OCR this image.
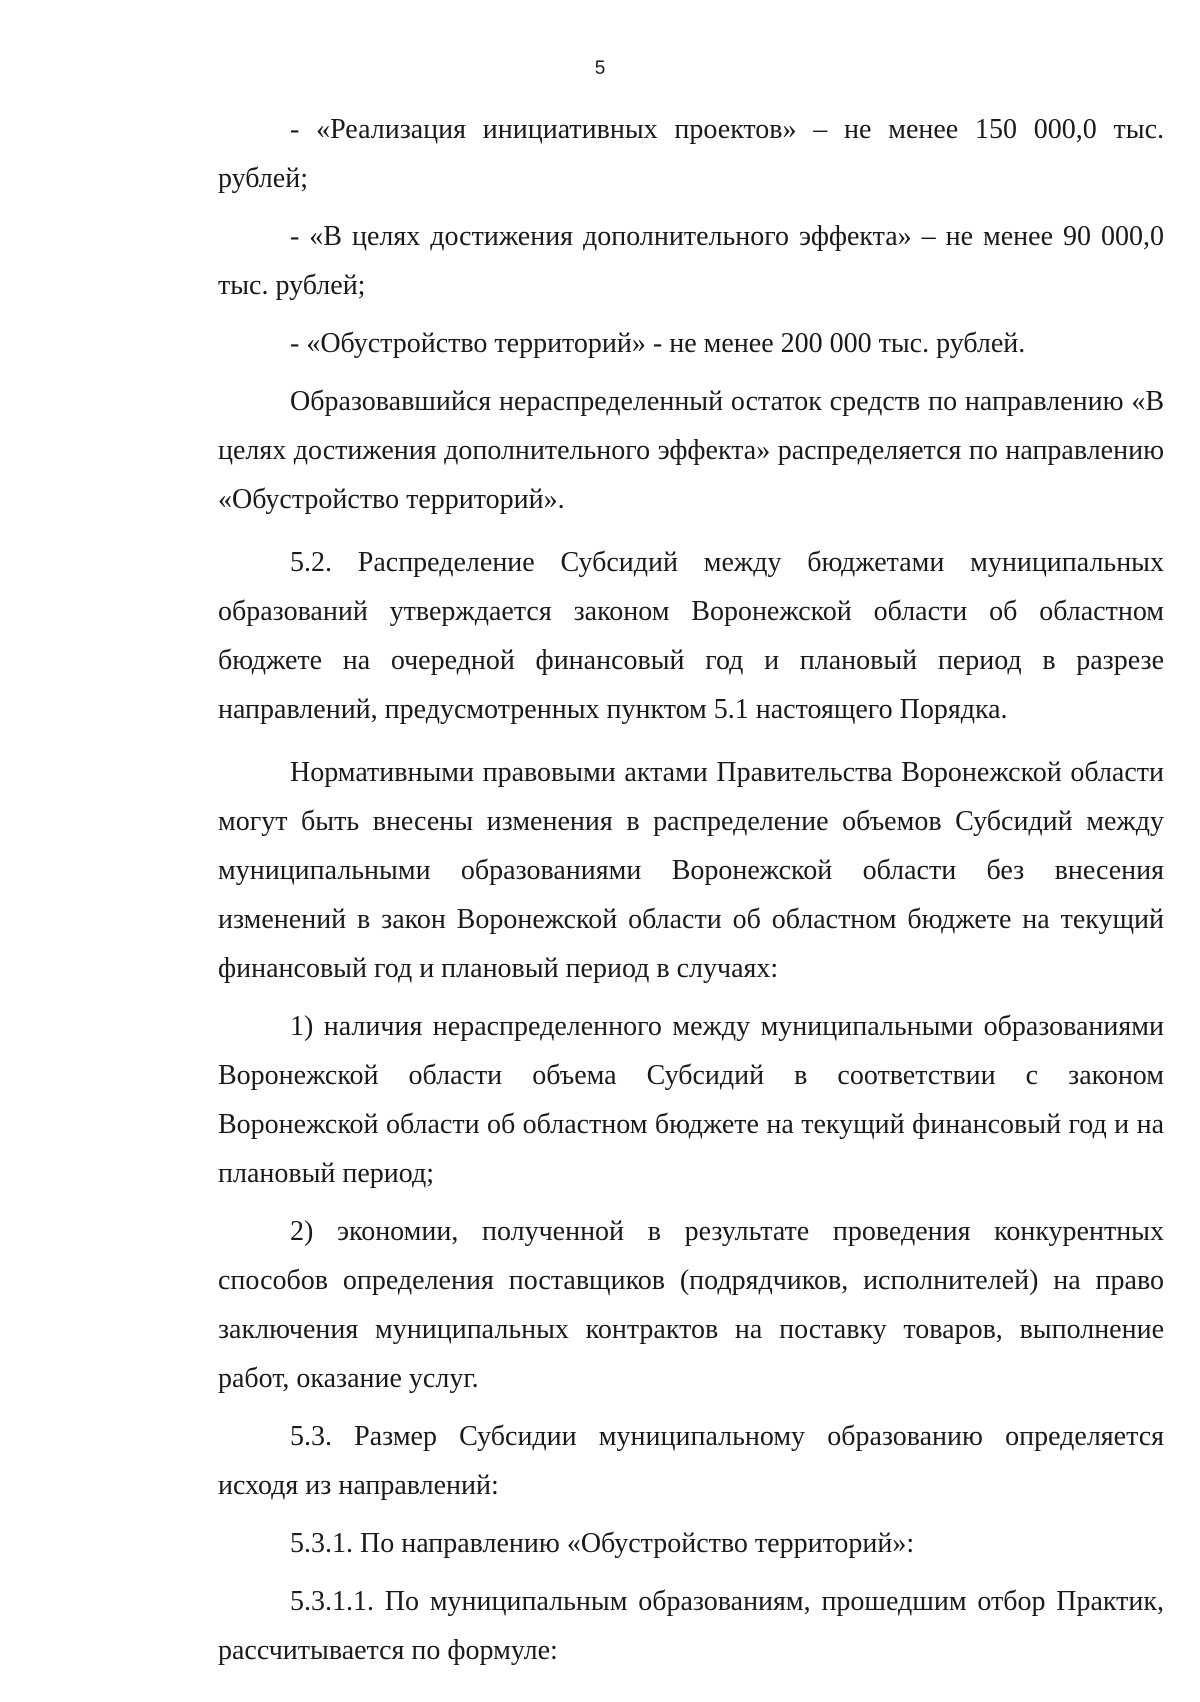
5

- «Реализация инициативных проектов» – не менее 150 000,0 тыс. рублей;

- «В целях достижения дополнительного эффекта» – не менее 90 000,0 тыс. рублей;

- «Обустройство территорий» - не менее 200 000 тыс. рублей.

Образовавшийся нераспределенный остаток средств по направлению «В целях достижения дополнительного эффекта» распределяется по направлению «Обустройство территорий».

5.2. Распределение Субсидий между бюджетами муниципальных образований утверждается законом Воронежской области об областном бюджете на очередной финансовый год и плановый период в разрезе направлений, предусмотренных пунктом 5.1 настоящего Порядка.

Нормативными правовыми актами Правительства Воронежской области могут быть внесены изменения в распределение объемов Субсидий между муниципальными образованиями Воронежской области без внесения изменений в закон Воронежской области об областном бюджете на текущий финансовый год и плановый период в случаях:

1) наличия нераспределенного между муниципальными образованиями Воронежской области объема Субсидий в соответствии с законом Воронежской области об областном бюджете на текущий финансовый год и на плановый период;

2) экономии, полученной в результате проведения конкурентных способов определения поставщиков (подрядчиков, исполнителей) на право заключения муниципальных контрактов на поставку товаров, выполнение работ, оказание услуг.

5.3. Размер Субсидии муниципальному образованию определяется исходя из направлений:

5.3.1. По направлению «Обустройство территорий»:

5.3.1.1. По муниципальным образованиям, прошедшим отбор Практик, рассчитывается по формуле:
